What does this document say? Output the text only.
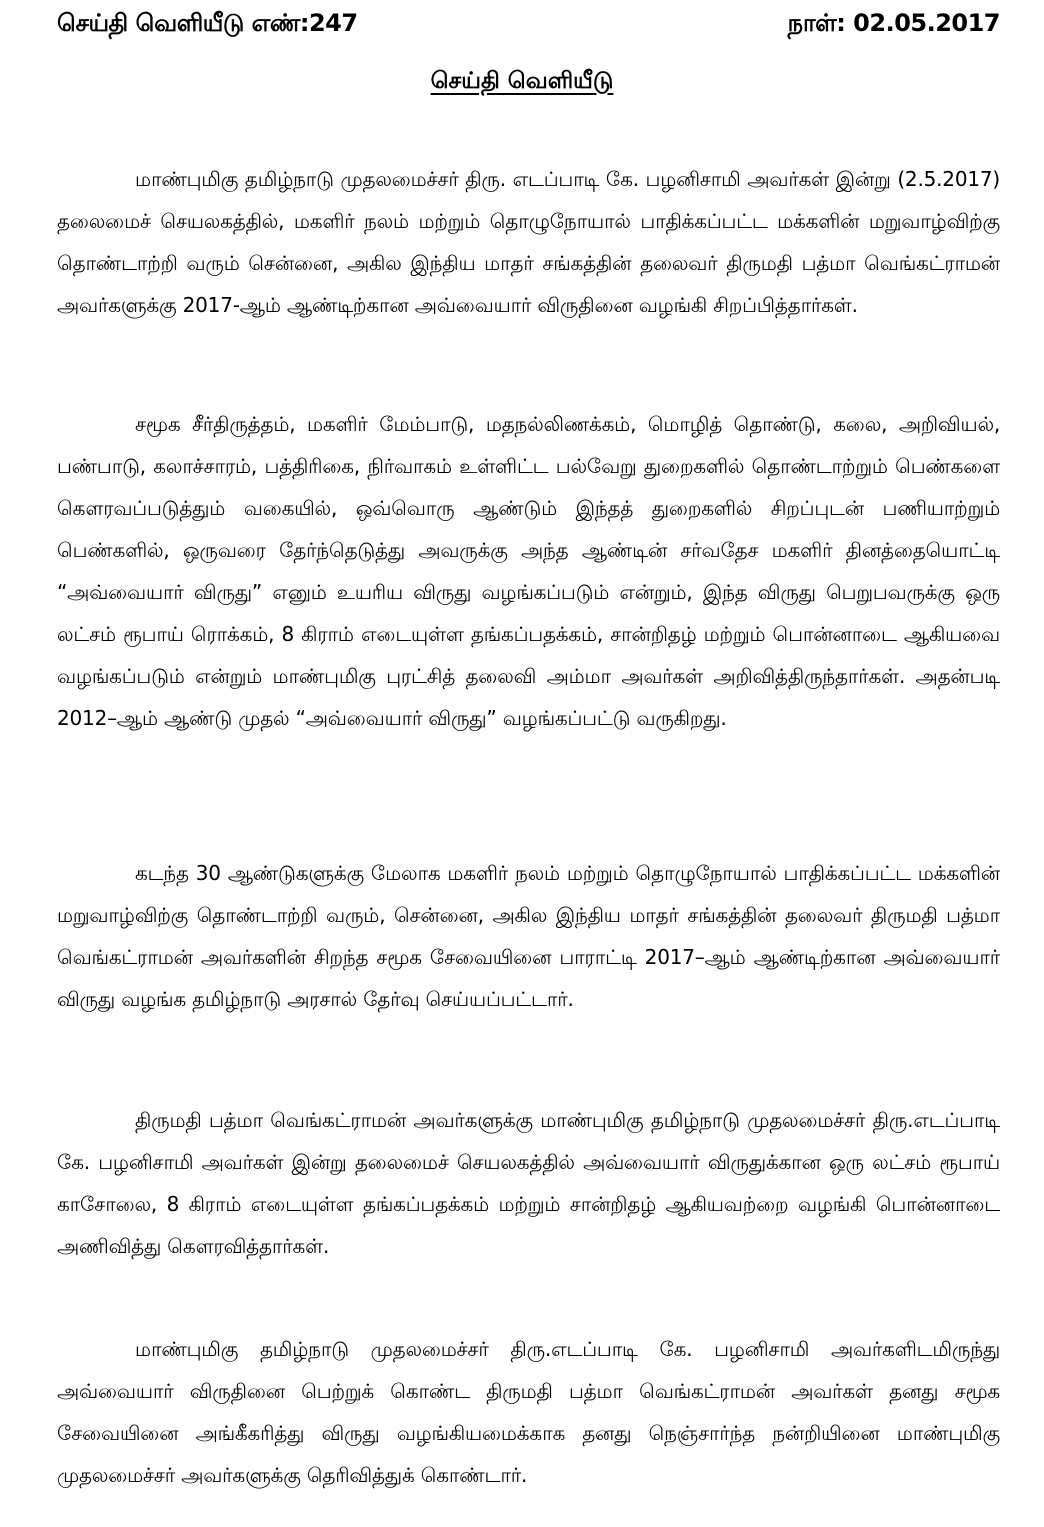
செய்தி வெளியீடு எண்:247	நாள்: 02.05.2017
செய்தி வெளியீடு

மாண்புமிகு தமிழ்நாடு முதலமைச்சர் திரு. எடப்பாடி கே. பழனிசாமி அவர்கள் இன்று (2.5.2017) தலைமைச் செயலகத்தில், மகளிர் நலம் மற்றும் தொழுநோயால் பாதிக்கப்பட்ட மக்களின் மறுவாழ்விற்கு தொண்டாற்றி வரும் சென்னை, அகில இந்திய மாதர் சங்கத்தின் தலைவர் திருமதி பத்மா வெங்கட்ராமன் அவர்களுக்கு 2017-ஆம் ஆண்டிற்கான அவ்வையார் விருதினை வழங்கி சிறப்பித்தார்கள்.

சமூக சீர்திருத்தம், மகளிர் மேம்பாடு, மதநல்லிணக்கம், மொழித் தொண்டு, கலை, அறிவியல், பண்பாடு, கலாச்சாரம், பத்திரிகை, நிர்வாகம் உள்ளிட்ட பல்வேறு துறைகளில் தொண்டாற்றும் பெண்களை கௌரவப்படுத்தும் வகையில், ஒவ்வொரு ஆண்டும் இந்தத் துறைகளில் சிறப்புடன் பணியாற்றும் பெண்களில், ஒருவரை தேர்ந்தெடுத்து அவருக்கு அந்த ஆண்டின் சர்வதேச மகளிர் தினத்தையொட்டி “அவ்வையார் விருது” எனும் உயரிய விருது வழங்கப்படும் என்றும், இந்த விருது பெறுபவருக்கு ஒரு லட்சம் ரூபாய் ரொக்கம், 8 கிராம் எடையுள்ள தங்கப்பதக்கம், சான்றிதழ் மற்றும் பொன்னாடை ஆகியவை வழங்கப்படும் என்றும் மாண்புமிகு புரட்சித் தலைவி அம்மா அவர்கள் அறிவித்திருந்தார்கள். அதன்படி 2012–ஆம் ஆண்டு முதல் “அவ்வையார் விருது” வழங்கப்பட்டு வருகிறது.

கடந்த 30 ஆண்டுகளுக்கு மேலாக மகளிர் நலம் மற்றும் தொழுநோயால் பாதிக்கப்பட்ட மக்களின் மறுவாழ்விற்கு தொண்டாற்றி வரும், சென்னை, அகில இந்திய மாதர் சங்கத்தின் தலைவர் திருமதி பத்மா வெங்கட்ராமன் அவர்களின் சிறந்த சமூக சேவையினை பாராட்டி 2017–ஆம் ஆண்டிற்கான அவ்வையார் விருது வழங்க தமிழ்நாடு அரசால் தேர்வு செய்யப்பட்டார்.

திருமதி பத்மா வெங்கட்ராமன் அவர்களுக்கு மாண்புமிகு தமிழ்நாடு முதலமைச்சர் திரு.எடப்பாடி கே. பழனிசாமி அவர்கள் இன்று தலைமைச் செயலகத்தில் அவ்வையார் விருதுக்கான ஒரு லட்சம் ரூபாய் காசோலை, 8 கிராம் எடையுள்ள தங்கப்பதக்கம் மற்றும் சான்றிதழ் ஆகியவற்றை வழங்கி பொன்னாடை அணிவித்து கௌரவித்தார்கள்.

மாண்புமிகு தமிழ்நாடு முதலமைச்சர் திரு.எடப்பாடி கே. பழனிசாமி அவர்களிடமிருந்து அவ்வையார் விருதினை பெற்றுக் கொண்ட திருமதி பத்மா வெங்கட்ராமன் அவர்கள் தனது சமூக சேவையினை அங்கீகரித்து விருது வழங்கியமைக்காக தனது நெஞ்சார்ந்த நன்றியினை மாண்புமிகு முதலமைச்சர் அவர்களுக்கு தெரிவித்துக் கொண்டார்.
